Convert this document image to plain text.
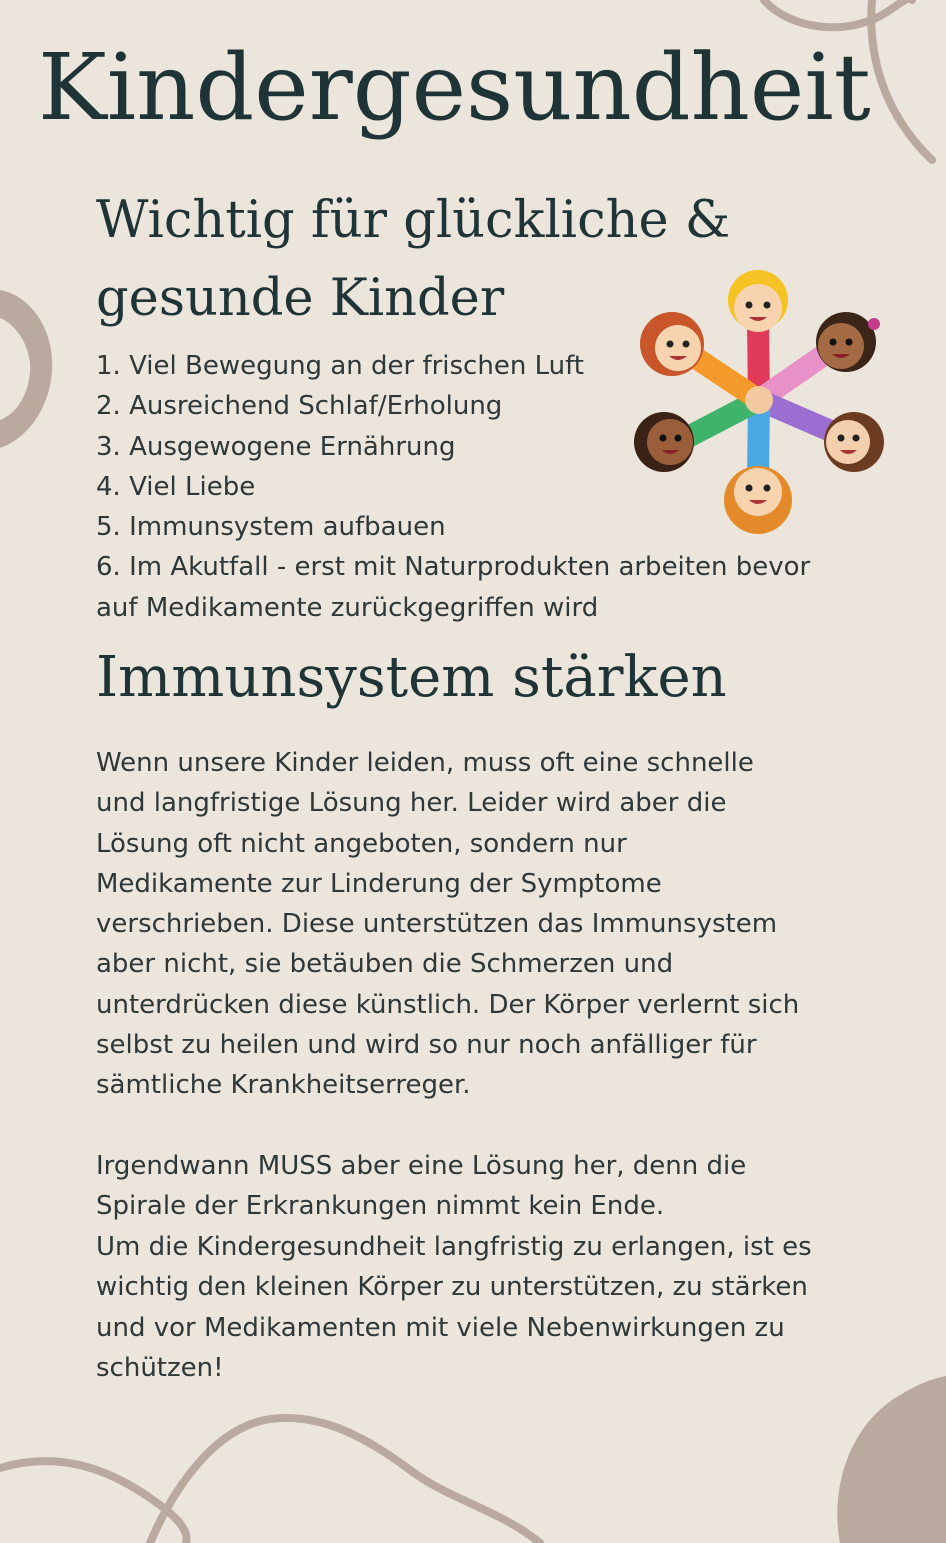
Kindergesundheit
Wichtig für glückliche &
gesunde Kinder
1. Viel Bewegung an der frischen Luft
2. Ausreichend Schlaf/Erholung
3. Ausgewogene Ernährung
4. Viel Liebe
5. Immunsystem aufbauen
6. Im Akutfall - erst mit Naturprodukten arbeiten bevor
auf Medikamente zurückgegriffen wird
Immunsystem stärken
Wenn unsere Kinder leiden, muss oft eine schnelle
und langfristige Lösung her. Leider wird aber die
Lösung oft nicht angeboten, sondern nur
Medikamente zur Linderung der Symptome
verschrieben. Diese unterstützen das Immunsystem
aber nicht, sie betäuben die Schmerzen und
unterdrücken diese künstlich. Der Körper verlernt sich
selbst zu heilen und wird so nur noch anfälliger für
sämtliche Krankheitserreger.
Irgendwann MUSS aber eine Lösung her, denn die
Spirale der Erkrankungen nimmt kein Ende.
Um die Kindergesundheit langfristig zu erlangen, ist es
wichtig den kleinen Körper zu unterstützen, zu stärken
und vor Medikamenten mit viele Nebenwirkungen zu
schützen!
